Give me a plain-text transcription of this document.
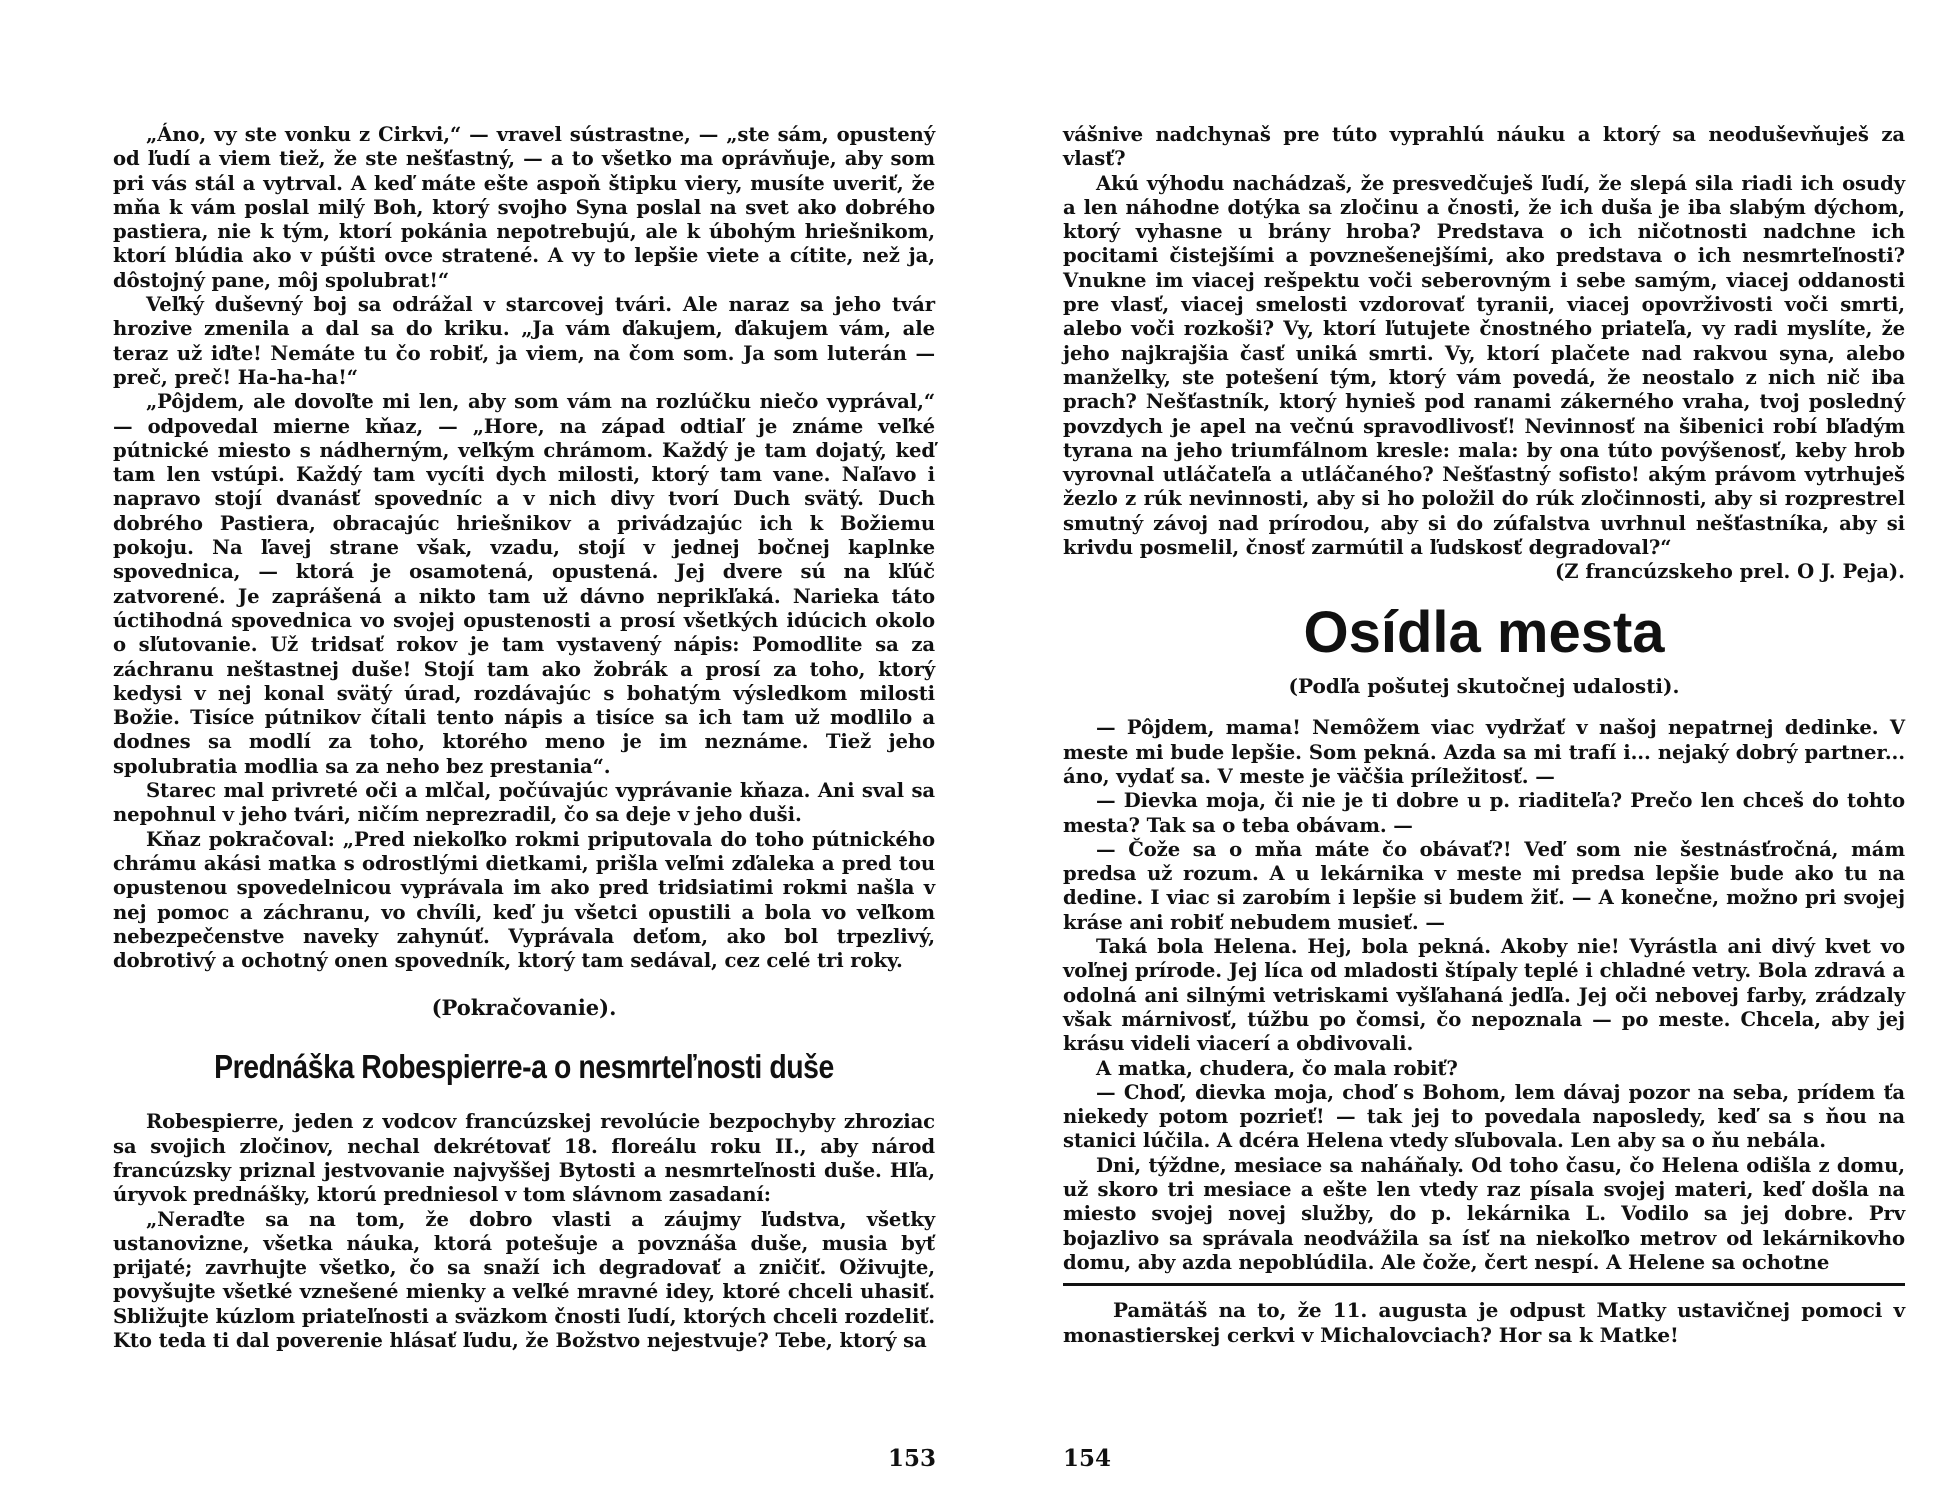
„Áno, vy ste vonku z Cirkvi,“ — vravel sústrastne, — „ste sám, opustený od ľudí a viem tiež, že ste nešťastný, — a to všetko ma oprávňuje, aby som pri vás stál a vytrval. A keď máte ešte aspoň štipku viery, musíte uveriť, že mňa k vám poslal milý Boh, ktorý svojho Syna poslal na svet ako dobrého pastiera, nie k tým, ktorí pokánia nepotrebujú, ale k úbohým hriešnikom, ktorí blúdia ako v púšti ovce stratené. A vy to lepšie viete a cítite, než ja, dôstojný pane, môj spolubrat!“

Veľký duševný boj sa odrážal v starcovej tvári. Ale naraz sa jeho tvár hrozive zmenila a dal sa do kriku. „Ja vám ďakujem, ďakujem vám, ale teraz už iďte! Nemáte tu čo robiť, ja viem, na čom som. Ja som luterán — preč, preč! Ha-ha-ha!“

„Pôjdem, ale dovoľte mi len, aby som vám na rozlúčku niečo vyprával,“ — odpovedal mierne kňaz, — „Hore, na západ odtiaľ je známe veľké pútnické miesto s nádherným, veľkým chrámom. Každý je tam dojatý, keď tam len vstúpi. Každý tam vycíti dych milosti, ktorý tam vane. Naľavo i napravo stojí dvanásť spovedníc a v nich divy tvorí Duch svätý. Duch dobrého Pastiera, obracajúc hriešnikov a privádzajúc ich k Božiemu pokoju. Na ľavej strane však, vzadu, stojí v jednej bočnej kaplnke spovednica, — ktorá je osamotená, opustená. Jej dvere sú na kľúč zatvorené. Je zaprášená a nikto tam už dávno neprikľaká. Narieka táto úctihodná spovednica vo svojej opustenosti a prosí všetkých idúcich okolo o sľutovanie. Už tridsať rokov je tam vystavený nápis: Pomodlite sa za záchranu neštastnej duše! Stojí tam ako žobrák a prosí za toho, ktorý kedysi v nej konal svätý úrad, rozdávajúc s bohatým výsledkom milosti Božie. Tisíce pútnikov čítali tento nápis a tisíce sa ich tam už modlilo a dodnes sa modlí za toho, ktorého meno je im neznáme. Tiež jeho spolubratia modlia sa za neho bez prestania“.

Starec mal privreté oči a mlčal, počúvajúc vyprávanie kňaza. Ani sval sa nepohnul v jeho tvári, ničím neprezradil, čo sa deje v jeho duši.

Kňaz pokračoval: „Pred niekoľko rokmi priputovala do toho pútnického chrámu akási matka s odrostlými dietkami, prišla veľmi zďaleka a pred tou opustenou spovedelnicou vyprávala im ako pred tridsiatimi rokmi našla v nej pomoc a záchranu, vo chvíli, keď ju všetci opustili a bola vo veľkom nebezpečenstve naveky zahynúť. Vyprávala deťom, ako bol trpezlivý, dobrotivý a ochotný onen spovedník, ktorý tam sedával, cez celé tri roky.

(Pokračovanie).
Prednáška Robespierre-a o nesmrteľnosti duše

Robespierre, jeden z vodcov francúzskej revolúcie bezpochyby zhroziac sa svojich zločinov, nechal dekrétovať 18. floreálu roku II., aby národ francúzsky priznal jestvovanie najvyššej Bytosti a nesmrteľnosti duše. Hľa, úryvok prednášky, ktorú predniesol v tom slávnom zasadaní:

„Neraďte sa na tom, že dobro vlasti a záujmy ľudstva, všetky ustanovizne, všetka náuka, ktorá potešuje a povznáša duše, musia byť prijaté; zavrhujte všetko, čo sa snaží ich degradovať a zničiť. Oživujte, povyšujte všetké vznešené mienky a veľké mravné idey, ktoré chceli uhasiť. Sbližujte kúzlom priateľnosti a sväzkom čnosti ľudí, ktorých chceli rozdeliť. Kto teda ti dal poverenie hlásať ľudu, že Božstvo nejestvuje? Tebe, ktorý sa

153

vášnive nadchynaš pre túto vyprahlú náuku a ktorý sa neoduševňuješ za vlasť?

Akú výhodu nachádzaš, že presvedčuješ ľudí, že slepá sila riadi ich osudy a len náhodne dotýka sa zločinu a čnosti, že ich duša je iba slabým dýchom, ktorý vyhasne u brány hroba? Predstava o ich ničotnosti nadchne ich pocitami čistejšími a povznešenejšími, ako predstava o ich nesmrteľnosti? Vnukne im viacej rešpektu voči seberovným i sebe samým, viacej oddanosti pre vlasť, viacej smelosti vzdorovať tyranii, viacej opovrživosti voči smrti, alebo voči rozkoši? Vy, ktorí ľutujete čnostného priateľa, vy radi myslíte, že jeho najkrajšia časť uniká smrti. Vy, ktorí plačete nad rakvou syna, alebo manželky, ste potešení tým, ktorý vám povedá, že neostalo z nich nič iba prach? Nešťastník, ktorý hynieš pod ranami zákerného vraha, tvoj posledný povzdych je apel na večnú spravodlivosť! Nevinnosť na šibenici robí bľadým tyrana na jeho triumfálnom kresle: mala: by ona túto povýšenosť, keby hrob vyrovnal utláčateľa a utláčaného? Nešťastný sofisto! akým právom vytrhuješ žezlo z rúk nevinnosti, aby si ho položil do rúk zločinnosti, aby si rozprestrel smutný závoj nad prírodou, aby si do zúfalstva uvrhnul nešťastníka, aby si krivdu posmelil, čnosť zarmútil a ľudskosť degradoval?“

(Z francúzskeho prel. O J. Peja).
Osídla mesta
(Podľa pošutej skutočnej udalosti).

— Pôjdem, mama! Nemôžem viac vydržať v našoj nepatrnej dedinke. V meste mi bude lepšie. Som pekná. Azda sa mi trafí i... nejaký dobrý partner... áno, vydať sa. V meste je väčšia príležitosť. —

— Dievka moja, či nie je ti dobre u p. riaditeľa? Prečo len chceš do tohto mesta? Tak sa o teba obávam. —

— Čože sa o mňa máte čo obávať?! Veď som nie šestnásťročná, mám predsa už rozum. A u lekárnika v meste mi predsa lepšie bude ako tu na dedine. I viac si zarobím i lepšie si budem žiť. — A konečne, možno pri svojej kráse ani robiť nebudem musieť. —

Taká bola Helena. Hej, bola pekná. Akoby nie! Vyrástla ani divý kvet vo voľnej prírode. Jej líca od mladosti štípaly teplé i chladné vetry. Bola zdravá a odolná ani silnými vetriskami vyšľahaná jedľa. Jej oči nebovej farby, zrádzaly však márnivosť, túžbu po čomsi, čo nepoznala — po meste. Chcela, aby jej krásu videli viacerí a obdivovali.

A matka, chudera, čo mala robiť?

— Choď, dievka moja, choď s Bohom, lem dávaj pozor na seba, prídem ťa niekedy potom pozrieť! — tak jej to povedala naposledy, keď sa s ňou na stanici lúčila. A dcéra Helena vtedy sľubovala. Len aby sa o ňu nebála.

Dni, týždne, mesiace sa naháňaly. Od toho času, čo Helena odišla z domu, už skoro tri mesiace a ešte len vtedy raz písala svojej materi, keď došla na miesto svojej novej služby, do p. lekárnika L. Vodilo sa jej dobre. Prv bojazlivo sa správala neodvážila sa ísť na niekoľko metrov od lekárnikovho domu, aby azda nepoblúdila. Ale čože, čert nespí. A Helene sa ochotne

Pamätáš na to, že 11. augusta je odpust Matky ustavičnej pomoci v monastierskej cerkvi v Michalovciach? Hor sa k Matke!

154
